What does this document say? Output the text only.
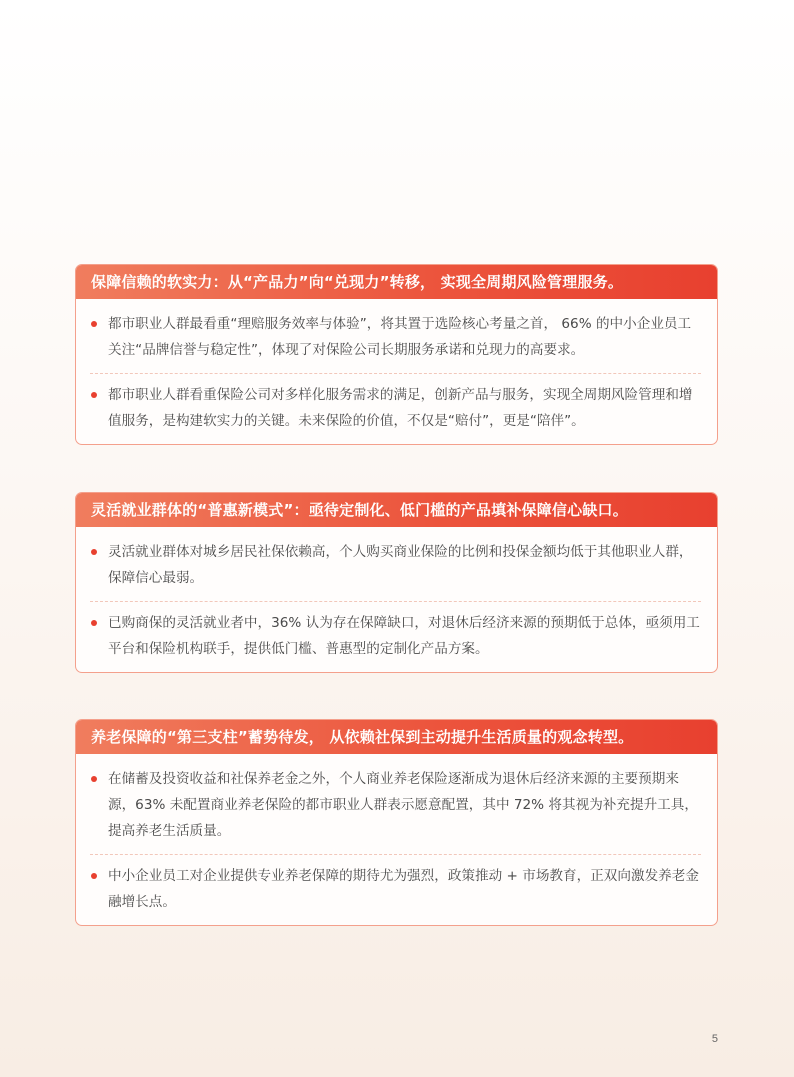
保障信赖的软实力：从“产品力”向“兑现力”转移， 实现全周期风险管理服务。
都市职业人群最看重“理赔服务效率与体验”，将其置于选险核心考量之首， 66% 的中小企业员工关注“品牌信誉与稳定性”，体现了对保险公司长期服务承诺和兑现力的高要求。
都市职业人群看重保险公司对多样化服务需求的满足，创新产品与服务，实现全周期风险管理和增值服务，是构建软实力的关键。未来保险的价值，不仅是“赔付”，更是“陪伴”。
灵活就业群体的“普惠新模式”：亟待定制化、低门槛的产品填补保障信心缺口。
灵活就业群体对城乡居民社保依赖高，个人购买商业保险的比例和投保金额均低于其他职业人群，保障信心最弱。
已购商保的灵活就业者中，36% 认为存在保障缺口，对退休后经济来源的预期低于总体，亟须用工平台和保险机构联手，提供低门槛、普惠型的定制化产品方案。
养老保障的“第三支柱”蓄势待发， 从依赖社保到主动提升生活质量的观念转型。
在储蓄及投资收益和社保养老金之外，个人商业养老保险逐渐成为退休后经济来源的主要预期来源，63% 未配置商业养老保险的都市职业人群表示愿意配置，其中 72% 将其视为补充提升工具，提高养老生活质量。
中小企业员工对企业提供专业养老保障的期待尤为强烈，政策推动 + 市场教育，正双向激发养老金融增长点。
5
